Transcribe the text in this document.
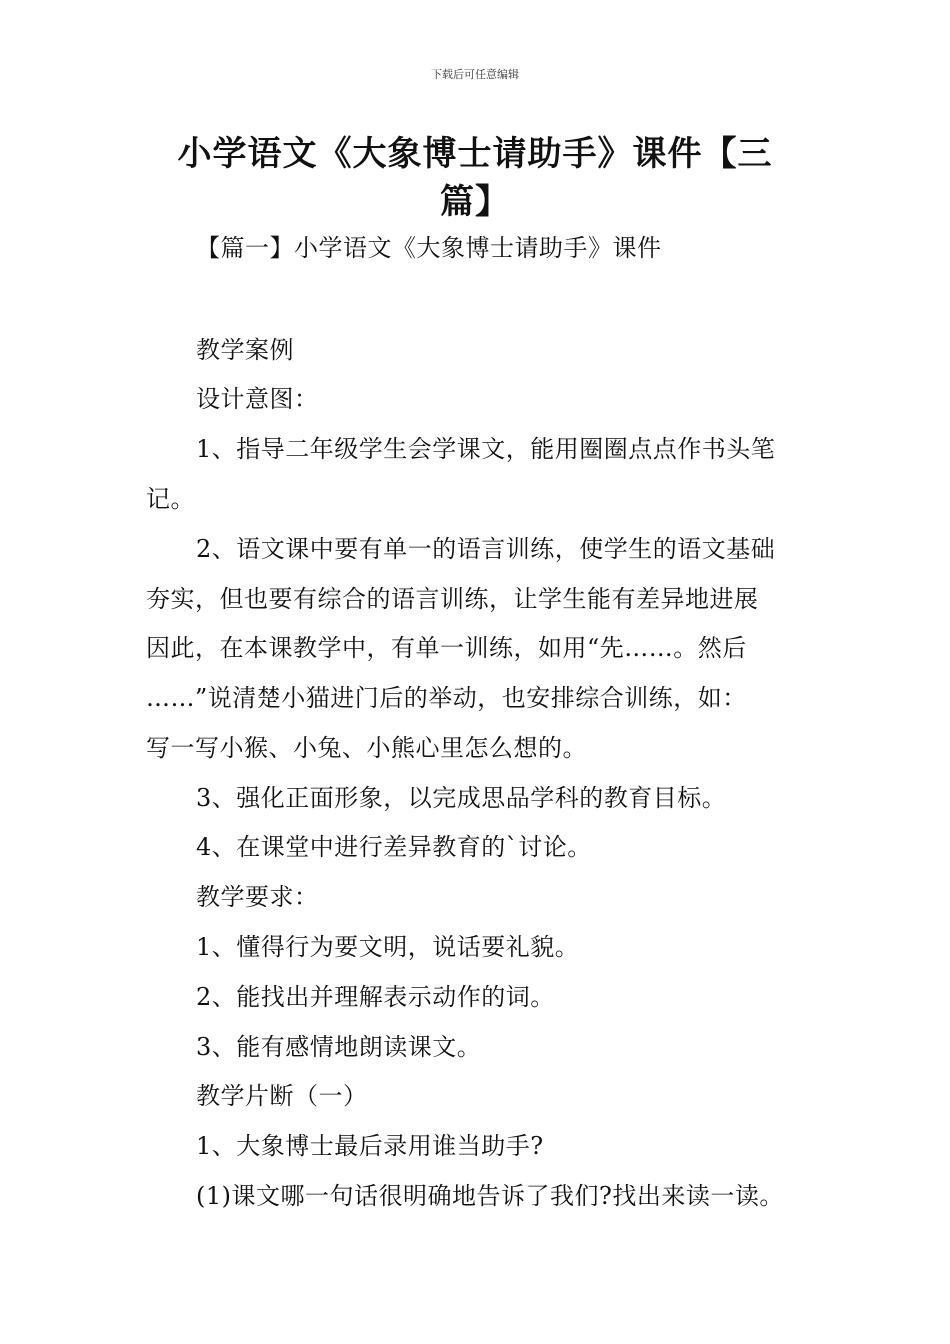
下载后可任意编辑
小学语文《大象博士请助手》课件【三
篇】
【篇一】小学语文《大象博士请助手》课件
教学案例
设计意图：
1、指导二年级学生会学课文，能用圈圈点点作书头笔
记。
2、语文课中要有单一的语言训练，使学生的语文基础
夯实，但也要有综合的语言训练，让学生能有差异地进展
因此，在本课教学中，有单一训练，如用“先……。然后
……”说清楚小猫进门后的举动，也安排综合训练，如：
写一写小猴、小兔、小熊心里怎么想的。
3、强化正面形象，以完成思品学科的教育目标。
4、在课堂中进行差异教育的`讨论。
教学要求：
1、懂得行为要文明，说话要礼貌。
2、能找出并理解表示动作的词。
3、能有感情地朗读课文。
教学片断（一）
1、大象博士最后录用谁当助手?
(1)课文哪一句话很明确地告诉了我们?找出来读一读。
